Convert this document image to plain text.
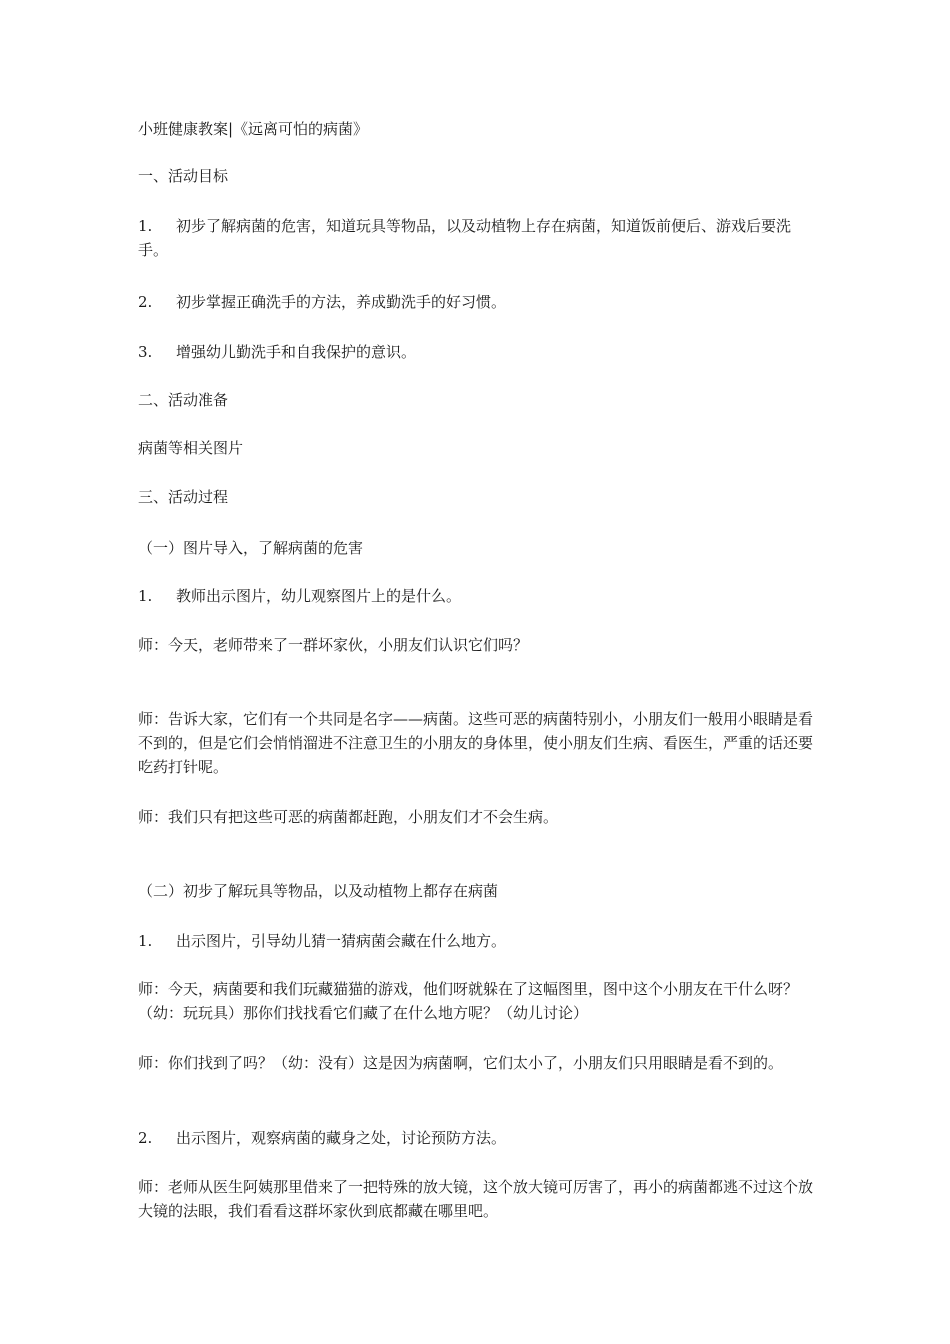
小班健康教案|《远离可怕的病菌》

一、活动目标

1. 初步了解病菌的危害，知道玩具等物品，以及动植物上存在病菌，知道饭前便后、游戏后要洗手。

2. 初步掌握正确洗手的方法，养成勤洗手的好习惯。

3. 增强幼儿勤洗手和自我保护的意识。

二、活动准备

病菌等相关图片

三、活动过程

（一）图片导入，了解病菌的危害

1. 教师出示图片，幼儿观察图片上的是什么。

师：今天，老师带来了一群坏家伙，小朋友们认识它们吗？

师：告诉大家，它们有一个共同是名字——病菌。这些可恶的病菌特别小，小朋友们一般用小眼睛是看不到的，但是它们会悄悄溜进不注意卫生的小朋友的身体里，使小朋友们生病、看医生，严重的话还要吃药打针呢。

师：我们只有把这些可恶的病菌都赶跑，小朋友们才不会生病。

（二）初步了解玩具等物品，以及动植物上都存在病菌

1. 出示图片，引导幼儿猜一猜病菌会藏在什么地方。

师：今天，病菌要和我们玩藏猫猫的游戏，他们呀就躲在了这幅图里，图中这个小朋友在干什么呀？（幼：玩玩具）那你们找找看它们藏了在什么地方呢？（幼儿讨论）

师：你们找到了吗？（幼：没有）这是因为病菌啊，它们太小了，小朋友们只用眼睛是看不到的。

2. 出示图片，观察病菌的藏身之处，讨论预防方法。

师：老师从医生阿姨那里借来了一把特殊的放大镜，这个放大镜可厉害了，再小的病菌都逃不过这个放大镜的法眼，我们看看这群坏家伙到底都藏在哪里吧。
